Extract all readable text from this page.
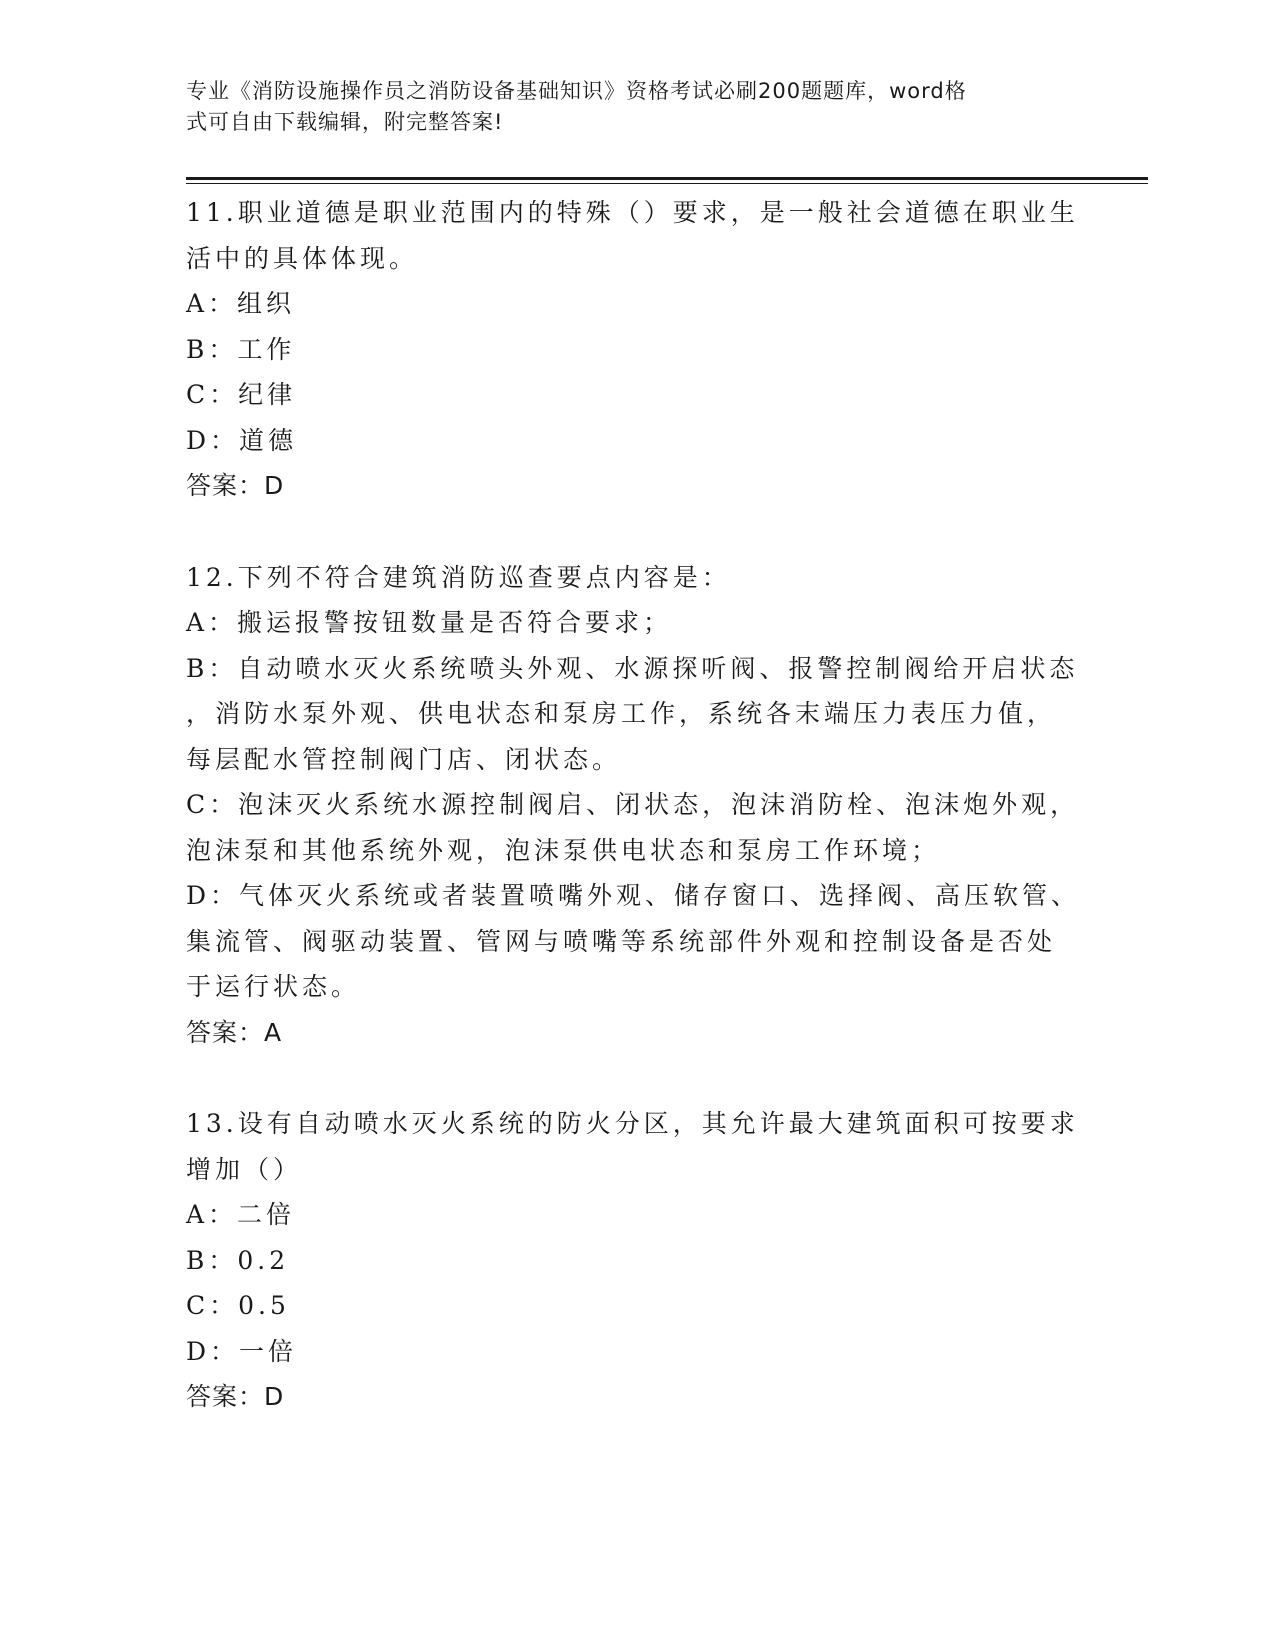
专业《消防设施操作员之消防设备基础知识》资格考试必刷200题题库，word格
式可自由下载编辑，附完整答案!
11.职业道德是职业范围内的特殊（）要求，是一般社会道德在职业生
活中的具体体现。
A：组织
B：工作
C：纪律
D：道德
答案：D
12.下列不符合建筑消防巡查要点内容是：
A：搬运报警按钮数量是否符合要求；
B：自动喷水灭火系统喷头外观、水源探听阀、报警控制阀给开启状态
，消防水泵外观、供电状态和泵房工作，系统各末端压力表压力值，
每层配水管控制阀门店、闭状态。
C：泡沫灭火系统水源控制阀启、闭状态，泡沫消防栓、泡沫炮外观，
泡沫泵和其他系统外观，泡沫泵供电状态和泵房工作环境；
D：气体灭火系统或者装置喷嘴外观、储存窗口、选择阀、高压软管、
集流管、阀驱动装置、管网与喷嘴等系统部件外观和控制设备是否处
于运行状态。
答案：A
13.设有自动喷水灭火系统的防火分区，其允许最大建筑面积可按要求
增加（）
A：二倍
B：0.2
C：0.5
D：一倍
答案：D
